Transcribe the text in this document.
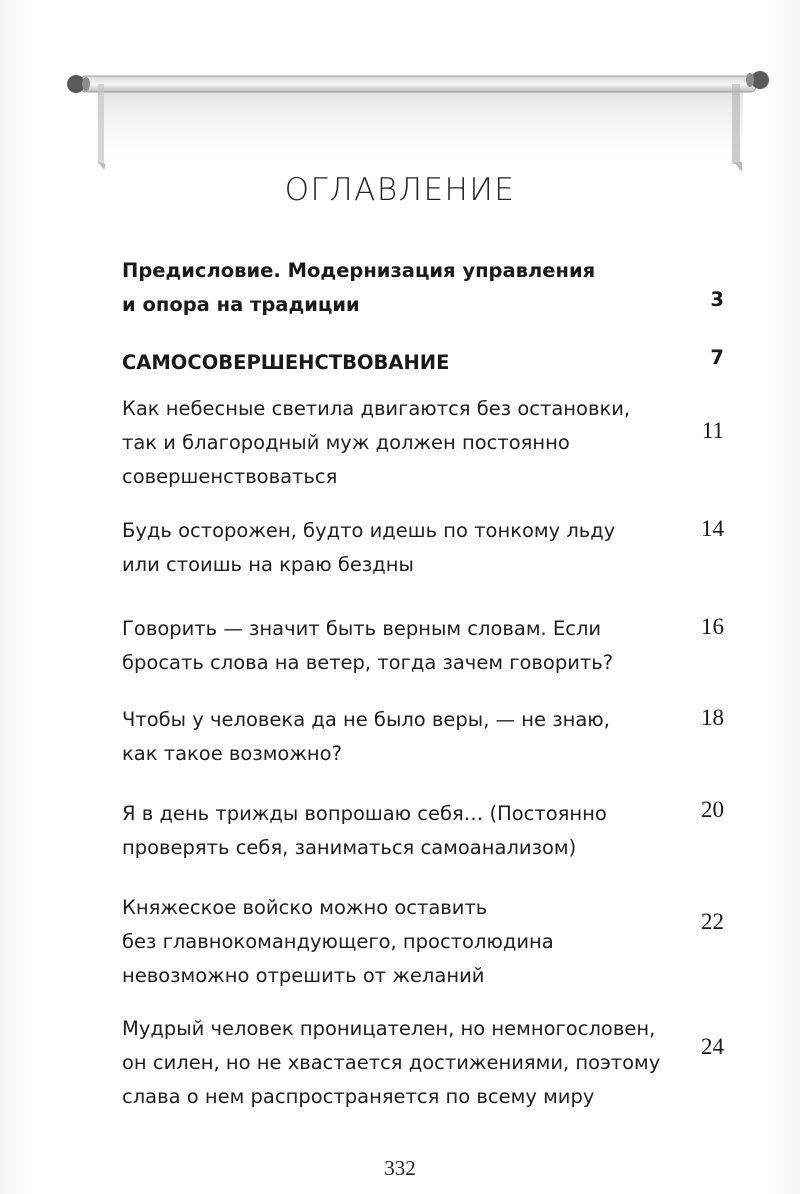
ОГЛАВЛЕНИЕ
Предисловие. Модернизация управления
и опора на традиции	3
САМОСОВЕРШЕНСТВОВАНИЕ	7
Как небесные светила двигаются без остановки,
так и благородный муж должен постоянно
совершенствоваться
11
Будь осторожен, будто идешь по тонкому льду
или стоишь на краю бездны
14
Говорить — значит быть верным словам. Если
бросать слова на ветер, тогда зачем говорить?
16
Чтобы у человека да не было веры, — не знаю,
как такое возможно?
18
Я в день трижды вопрошаю себя… (Постоянно
проверять себя, заниматься самоанализом)
20
Княжеское войско можно оставить
без главнокомандующего, простолюдина
невозможно отрешить от желаний
22
Мудрый человек проницателен, но немногословен,
он силен, но не хвастается достижениями, поэтому
слава о нем распространяется по всему миру
24
332
